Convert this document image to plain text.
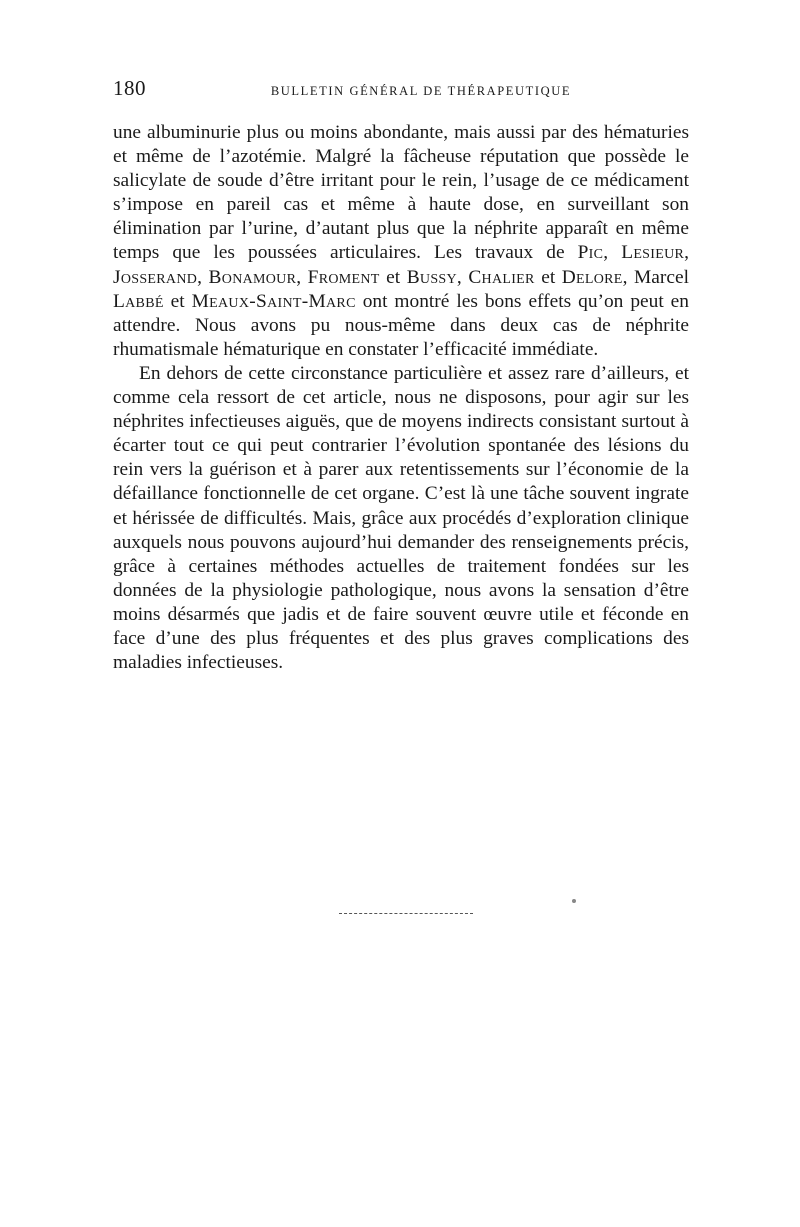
180	BULLETIN GÉNÉRAL DE THÉRAPEUTIQUE

une albuminurie plus ou moins abondante, mais aussi par des hématuries et même de l’azotémie. Malgré la fâcheuse réputation que possède le salicylate de soude d’être irritant pour le rein, l’usage de ce médicament s’impose en pareil cas et même à haute dose, en surveillant son élimination par l’urine, d’autant plus que la néphrite apparaît en même temps que les poussées articulaires. Les travaux de Pic, Lesieur, Josserand, Bonamour, Froment et Bussy, Chalier et Delore, Marcel Labbé et Meaux-Saint-Marc ont montré les bons effets qu’on peut en attendre. Nous avons pu nous-même dans deux cas de néphrite rhumatismale hématurique en constater l’efficacité immédiate.

En dehors de cette circonstance particulière et assez rare d’ailleurs, et comme cela ressort de cet article, nous ne disposons, pour agir sur les néphrites infectieuses aiguës, que de moyens indirects consistant surtout à écarter tout ce qui peut contrarier l’évolution spontanée des lésions du rein vers la guérison et à parer aux retentissements sur l’économie de la défaillance fonctionnelle de cet organe. C’est là une tâche souvent ingrate et hérissée de difficultés. Mais, grâce aux procédés d’exploration clinique auxquels nous pouvons aujourd’hui demander des renseignements précis, grâce à certaines méthodes actuelles de traitement fondées sur les données de la physiologie pathologique, nous avons la sensation d’être moins désarmés que jadis et de faire souvent œuvre utile et féconde en face d’une des plus fréquentes et des plus graves complications des maladies infectieuses.
